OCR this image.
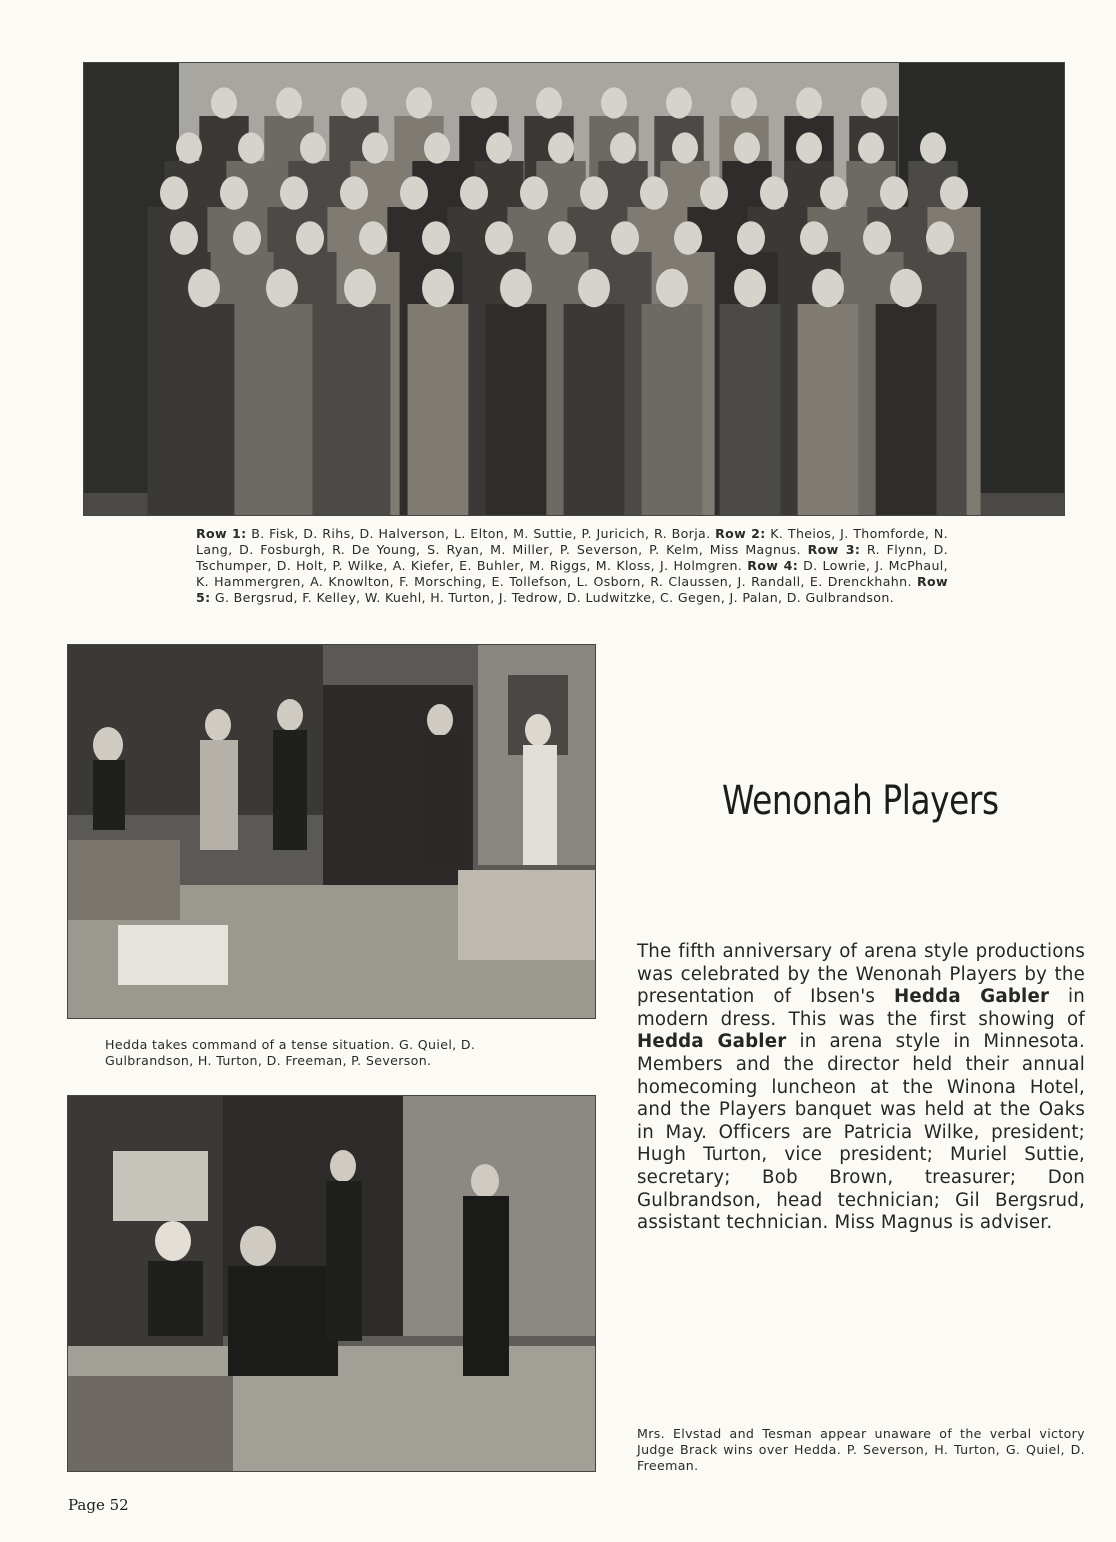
Row 1: B. Fisk, D. Rihs, D. Halverson, L. Elton, M. Suttie, P. Juricich, R. Borja. Row 2: K. Theios, J. Thomforde, N. Lang, D. Fosburgh, R. De Young, S. Ryan, M. Miller, P. Severson, P. Kelm, Miss Magnus. Row 3: R. Flynn, D. Tschumper, D. Holt, P. Wilke, A. Kiefer, E. Buhler, M. Riggs, M. Kloss, J. Holmgren. Row 4: D. Lowrie, J. McPhaul, K. Hammergren, A. Knowlton, F. Morsching, E. Tollefson, L. Osborn, R. Claussen, J. Randall, E. Drenckhahn. Row 5: G. Bergsrud, F. Kelley, W. Kuehl, H. Turton, J. Tedrow, D. Ludwitzke, C. Gegen, J. Palan, D. Gulbrandson.
Hedda takes command of a tense situation. G. Quiel, D. Gulbrandson, H. Turton, D. Freeman, P. Severson.
Mrs. Elvstad and Tesman appear unaware of the verbal victory Judge Brack wins over Hedda. P. Severson, H. Turton, G. Quiel, D. Freeman.
Wenonah Players
The fifth anniversary of arena style productions was celebrated by the Wenonah Players by the presentation of Ibsen's Hedda Gabler in modern dress. This was the first showing of Hedda Gabler in arena style in Minnesota. Members and the director held their annual homecoming luncheon at the Winona Hotel, and the Players banquet was held at the Oaks in May. Officers are Patricia Wilke, president; Hugh Turton, vice president; Muriel Suttie, secretary; Bob Brown, treasurer; Don Gulbrandson, head technician; Gil Bergsrud, assistant technician. Miss Magnus is adviser.
Page 52
